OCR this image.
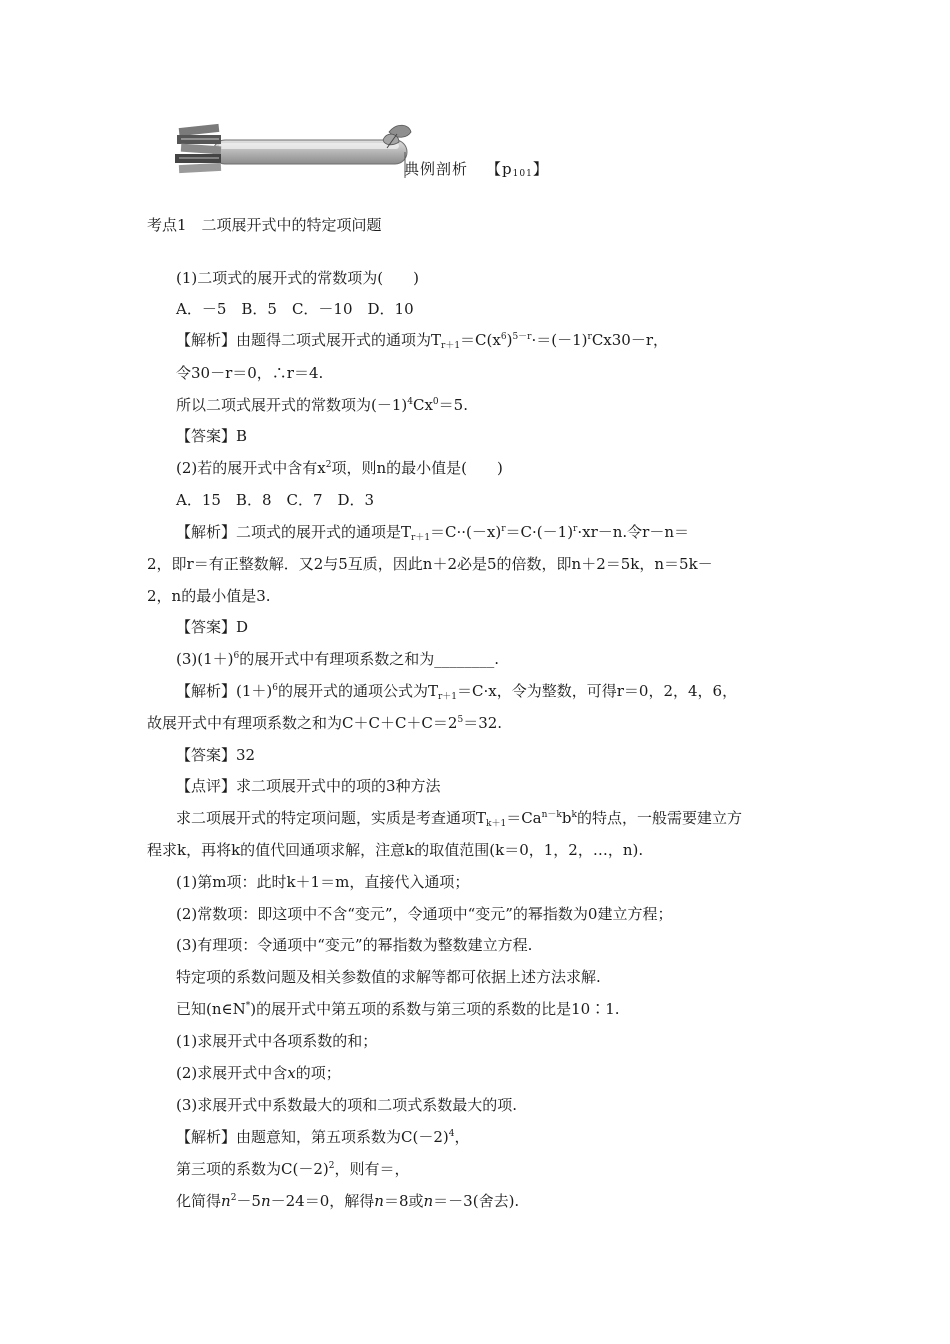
典例剖析 【$p_{101}$】
考点1　二项展开式中的特定项问题
(1)二项式的展开式的常数项为(　　)
A．－5　B．5　C．－10　D．10
【解析】由题得二项式展开式的通项为$T_{r+1}=C(x^6)^{5-r}\cdot=(-1)^rCx30-r$，
令30－r＝0，∴r＝4.
所以二项式展开式的常数项为$(-1)^4Cx^0=5$.
【答案】B
(2)若的展开式中含有$x^2$项，则n的最小值是(　　)
A．15　B．8　C．7　D．3
【解析】二项式的展开式的通项是$T_{r+1}=C\cdot\cdot(-x)^r=C\cdot(-1)^r\cdot xr-n$.令r－n＝
2，即r＝有正整数解．又2与5互质，因此n＋2必是5的倍数，即n＋2＝5k，n＝5k－
2，n的最小值是3.
【答案】D
$(3)(1+)^6$的展开式中有理项系数之和为________.
【解析】$(1+)^6$的展开式的通项公式为$T_{r+1}=C\cdot x$，令为整数，可得r＝0，2，4，6，
故展开式中有理项系数之和为$C+C+C+C=2^5=32$.
【答案】32
【点评】求二项展开式中的项的3种方法
求二项展开式的特定项问题，实质是考查通项$T_{k+1}=Ca^{n-k}b^k$的特点，一般需要建立方
程求k，再将k的值代回通项求解，注意k的取值范围(k＝0，1，2，…，n).
(1)第m项：此时k＋1＝m，直接代入通项；
(2)常数项：即这项中不含“变元”，令通项中“变元”的幂指数为0建立方程；
(3)有理项：令通项中“变元”的幂指数为整数建立方程.
特定项的系数问题及相关参数值的求解等都可依据上述方法求解.
已知(n∈N*)的展开式中第五项的系数与第三项的系数的比是10∶1.
(1)求展开式中各项系数的和；
(2)求展开式中含x的项；
(3)求展开式中系数最大的项和二项式系数最大的项.
【解析】由题意知，第五项系数为$C(-2)^4$，
第三项的系数为$C(-2)^2$，则有＝，
化简得$n^2-5n-24=0$，解得n＝8或n＝－3(舍去).
